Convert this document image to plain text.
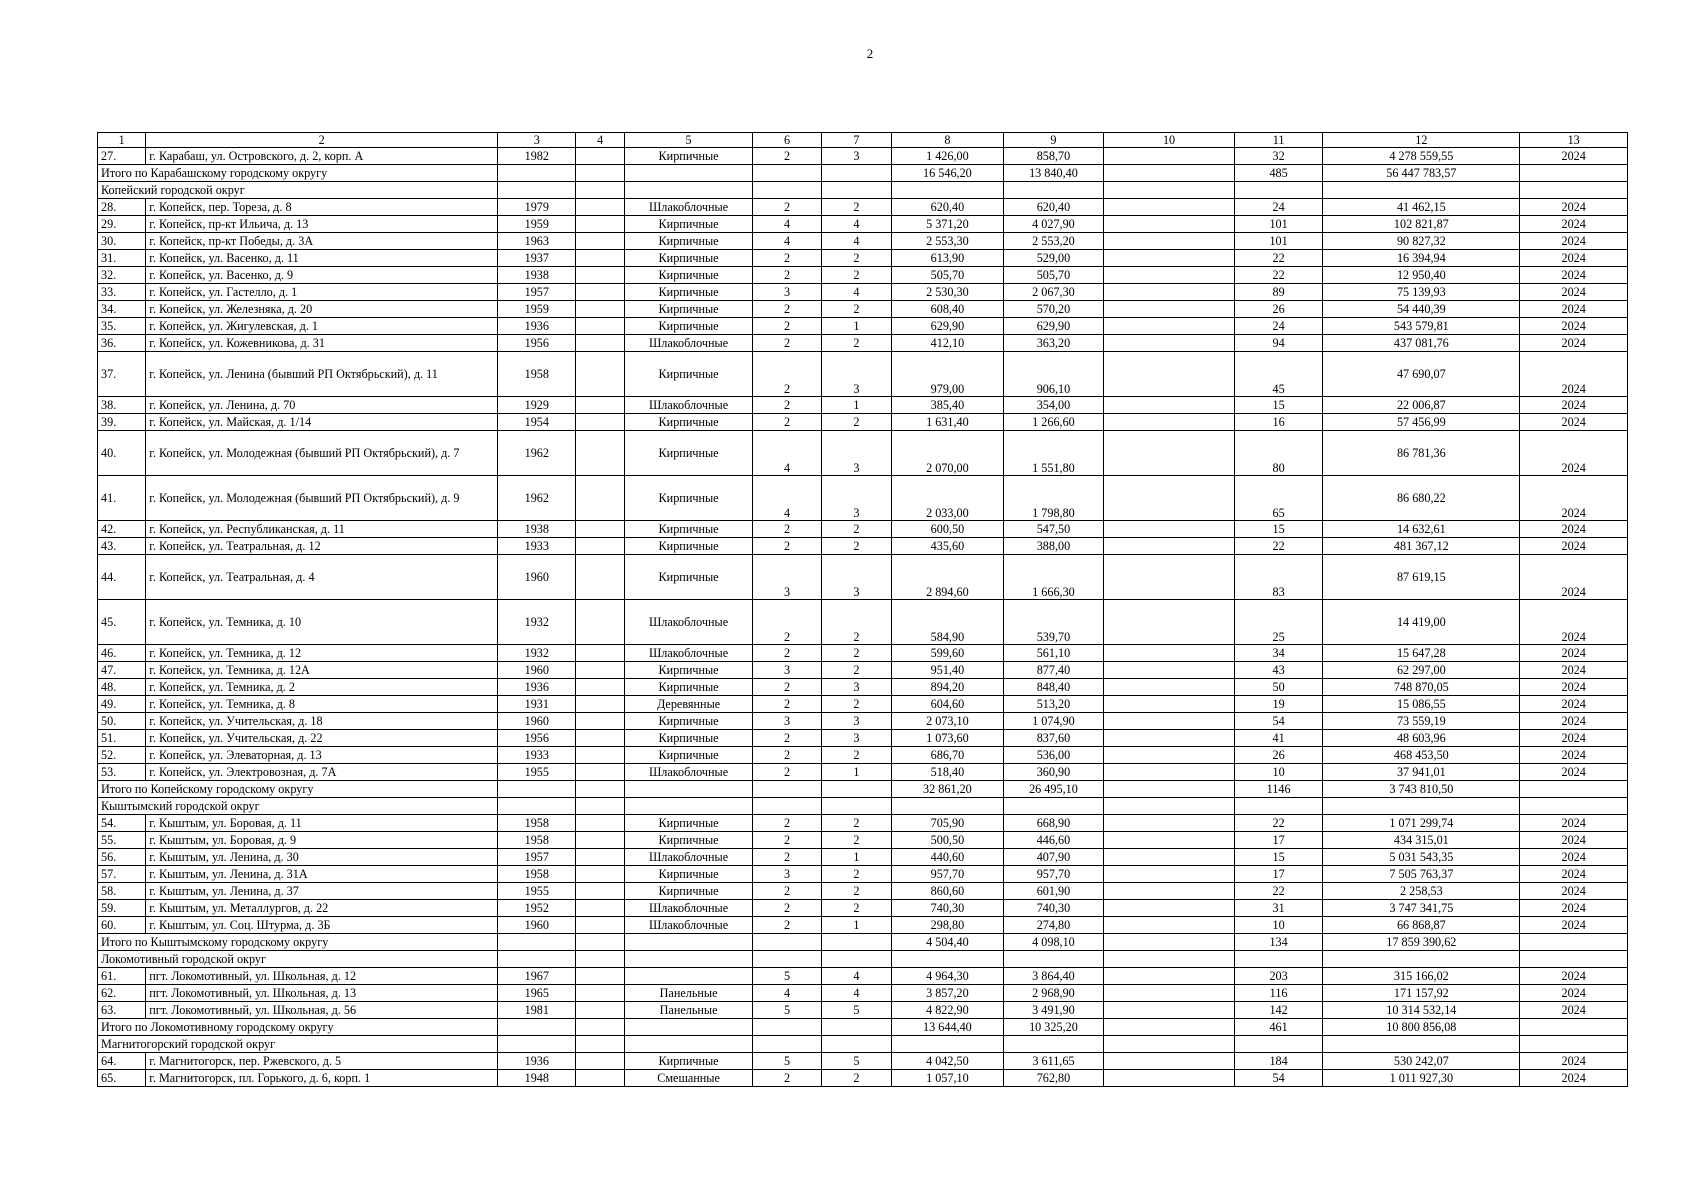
2
1	2	3	4	5	6	7	8	9	10	11	12	13
27.	г. Карабаш, ул. Островского, д. 2, корп. А	1982		Кирпичные	2	3	1 426,00	858,70		32	4 278 559,55	2024
Итого по Карабашскому городскому округу							16 546,20	13 840,40		485	56 447 783,57	
Копейский городской округ												
28.	г. Копейск, пер. Тореза, д. 8	1979		Шлакоблочные	2	2	620,40	620,40		24	41 462,15	2024
29.	г. Копейск, пр-кт Ильича, д. 13	1959		Кирпичные	4	4	5 371,20	4 027,90		101	102 821,87	2024
30.	г. Копейск, пр-кт Победы, д. 3А	1963		Кирпичные	4	4	2 553,30	2 553,20		101	90 827,32	2024
31.	г. Копейск, ул. Васенко, д. 11	1937		Кирпичные	2	2	613,90	529,00		22	16 394,94	2024
32.	г. Копейск, ул. Васенко, д. 9	1938		Кирпичные	2	2	505,70	505,70		22	12 950,40	2024
33.	г. Копейск, ул. Гастелло, д. 1	1957		Кирпичные	3	4	2 530,30	2 067,30		89	75 139,93	2024
34.	г. Копейск, ул. Железняка, д. 20	1959		Кирпичные	2	2	608,40	570,20		26	54 440,39	2024
35.	г. Копейск, ул. Жигулевская, д. 1	1936		Кирпичные	2	1	629,90	629,90		24	543 579,81	2024
36.	г. Копейск, ул. Кожевникова, д. 31	1956		Шлакоблочные	2	2	412,10	363,20		94	437 081,76	2024
37.	г. Копейск, ул. Ленина (бывший РП Октябрьский), д. 11	1958		Кирпичные	2	3	979,00	906,10		45	47 690,07	2024
38.	г. Копейск, ул. Ленина, д. 70	1929		Шлакоблочные	2	1	385,40	354,00		15	22 006,87	2024
39.	г. Копейск, ул. Майская, д. 1/14	1954		Кирпичные	2	2	1 631,40	1 266,60		16	57 456,99	2024
40.	г. Копейск, ул. Молодежная (бывший РП Октябрьский), д. 7	1962		Кирпичные	4	3	2 070,00	1 551,80		80	86 781,36	2024
41.	г. Копейск, ул. Молодежная (бывший РП Октябрьский), д. 9	1962		Кирпичные	4	3	2 033,00	1 798,80		65	86 680,22	2024
42.	г. Копейск, ул. Республиканская, д. 11	1938		Кирпичные	2	2	600,50	547,50		15	14 632,61	2024
43.	г. Копейск, ул. Театральная, д. 12	1933		Кирпичные	2	2	435,60	388,00		22	481 367,12	2024
44.	г. Копейск, ул. Театральная, д. 4	1960		Кирпичные	3	3	2 894,60	1 666,30		83	87 619,15	2024
45.	г. Копейск, ул. Темника, д. 10	1932		Шлакоблочные	2	2	584,90	539,70		25	14 419,00	2024
46.	г. Копейск, ул. Темника, д. 12	1932		Шлакоблочные	2	2	599,60	561,10		34	15 647,28	2024
47.	г. Копейск, ул. Темника, д. 12А	1960		Кирпичные	3	2	951,40	877,40		43	62 297,00	2024
48.	г. Копейск, ул. Темника, д. 2	1936		Кирпичные	2	3	894,20	848,40		50	748 870,05	2024
49.	г. Копейск, ул. Темника, д. 8	1931		Деревянные	2	2	604,60	513,20		19	15 086,55	2024
50.	г. Копейск, ул. Учительская, д. 18	1960		Кирпичные	3	3	2 073,10	1 074,90		54	73 559,19	2024
51.	г. Копейск, ул. Учительская, д. 22	1956		Кирпичные	2	3	1 073,60	837,60		41	48 603,96	2024
52.	г. Копейск, ул. Элеваторная, д. 13	1933		Кирпичные	2	2	686,70	536,00		26	468 453,50	2024
53.	г. Копейск, ул. Электровозная, д. 7А	1955		Шлакоблочные	2	1	518,40	360,90		10	37 941,01	2024
Итого по Копейскому городскому округу							32 861,20	26 495,10		1146	3 743 810,50	
Кыштымский городской округ												
54.	г. Кыштым, ул. Боровая, д. 11	1958		Кирпичные	2	2	705,90	668,90		22	1 071 299,74	2024
55.	г. Кыштым, ул. Боровая, д. 9	1958		Кирпичные	2	2	500,50	446,60		17	434 315,01	2024
56.	г. Кыштым, ул. Ленина, д. 30	1957		Шлакоблочные	2	1	440,60	407,90		15	5 031 543,35	2024
57.	г. Кыштым, ул. Ленина, д. 31А	1958		Кирпичные	3	2	957,70	957,70		17	7 505 763,37	2024
58.	г. Кыштым, ул. Ленина, д. 37	1955		Кирпичные	2	2	860,60	601,90		22	2 258,53	2024
59.	г. Кыштым, ул. Металлургов, д. 22	1952		Шлакоблочные	2	2	740,30	740,30		31	3 747 341,75	2024
60.	г. Кыштым, ул. Соц. Штурма, д. 3Б	1960		Шлакоблочные	2	1	298,80	274,80		10	66 868,87	2024
Итого по Кыштымскому городскому округу							4 504,40	4 098,10		134	17 859 390,62	
Локомотивный городской округ												
61.	пгт. Локомотивный, ул. Школьная, д. 12	1967			5	4	4 964,30	3 864,40		203	315 166,02	2024
62.	пгт. Локомотивный, ул. Школьная, д. 13	1965		Панельные	4	4	3 857,20	2 968,90		116	171 157,92	2024
63.	пгт. Локомотивный, ул. Школьная, д. 56	1981		Панельные	5	5	4 822,90	3 491,90		142	10 314 532,14	2024
Итого по Локомотивному городскому округу							13 644,40	10 325,20		461	10 800 856,08	
Магнитогорский городской округ												
64.	г. Магнитогорск, пер. Ржевского, д. 5	1936		Кирпичные	5	5	4 042,50	3 611,65		184	530 242,07	2024
65.	г. Магнитогорск, пл. Горького, д. 6, корп. 1	1948		Смешанные	2	2	1 057,10	762,80		54	1 011 927,30	2024
